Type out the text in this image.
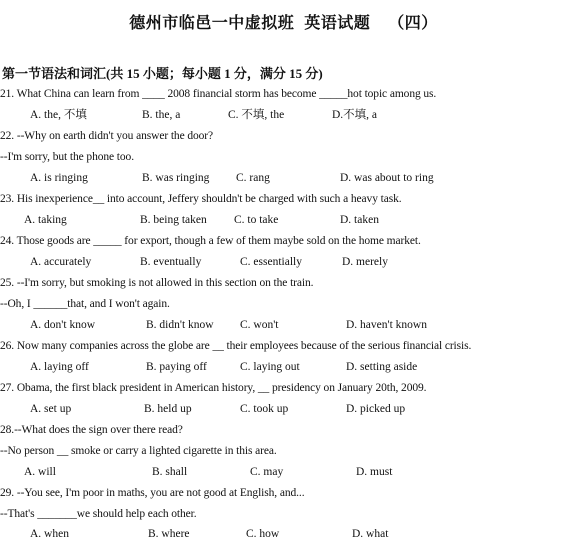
德州市临邑一中虚拟班 英语试题 （四）
第一节语法和词汇(共 15 小题；每小题 1 分，满分 15 分)
21. What China can learn from ____ 2008 financial storm has become _____hot topic among us.
A. the, 不填	B. the, a	C. 不填, the	D.不填, a
22. --Why on earth didn't you answer the door?
--I'm sorry, but the phone too.
A. is ringing	B. was ringing C. rang	D. was about to ring
23. His inexperience__ into account, Jeffery shouldn't be charged with such a heavy task.
A. taking	B. being taken C. to take	D. taken
24. Those goods are _____ for export, though a few of them maybe sold on the home market.
A. accurately	B. eventually	C. essentially	D. merely
25. --I'm sorry, but smoking is not allowed in this section on the train.
--Oh, I ______that, and I won't again.
A. don't know	B. didn't know C. won't	D. haven't known
26. Now many companies across the globe are __ their employees because of the serious financial crisis.
A. laying off	B. paying off	C. laying out	D. setting aside
27. Obama, the first black president in American history, __ presidency on January 20th, 2009.
A. set up	B. held up	C. took up	D. picked up
28.--What does the sign over there read?
--No person __ smoke or carry a lighted cigarette in this area.
A. will	B. shall	C. may	D. must
29. --You see, I'm poor in maths, you are not good at English, and...
--That's _______we should help each other.
A. when	B. where	C. how	D. what
